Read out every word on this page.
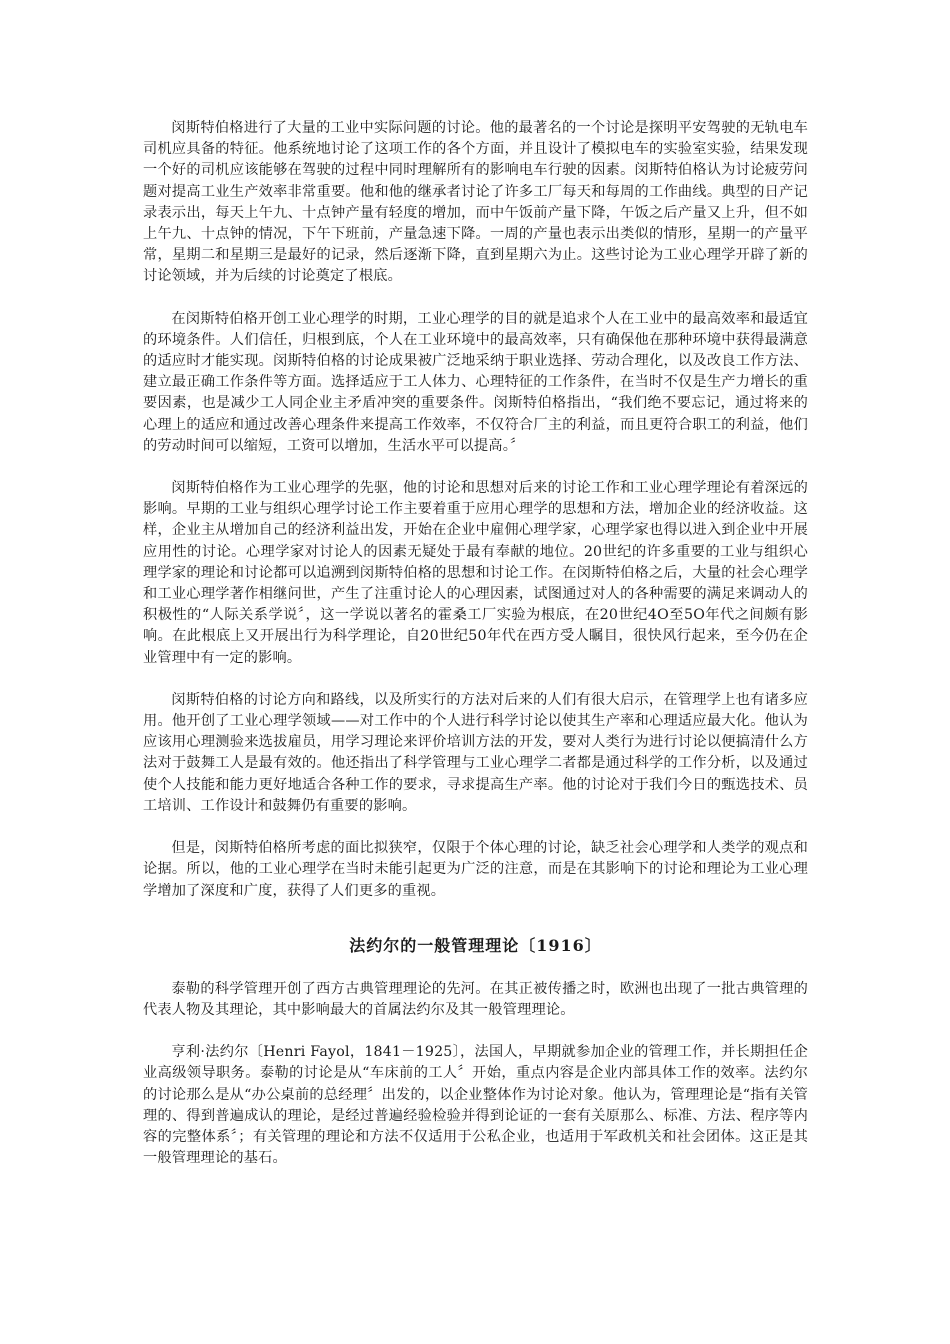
闵斯特伯格进行了大量的工业中实际问题的讨论。他的最著名的一个讨论是探明平安驾驶的无轨电车司机应具备的特征。他系统地讨论了这项工作的各个方面，并且设计了模拟电车的实验室实验，结果发现一个好的司机应该能够在驾驶的过程中同时理解所有的影响电车行驶的因素。闵斯特伯格认为讨论疲劳问题对提高工业生产效率非常重要。他和他的继承者讨论了许多工厂每天和每周的工作曲线。典型的日产记录表示出，每天上午九、十点钟产量有轻度的增加，而中午饭前产量下降，午饭之后产量又上升，但不如上午九、十点钟的情况，下午下班前，产量急速下降。一周的产量也表示出类似的情形，星期一的产量平常，星期二和星期三是最好的记录，然后逐渐下降，直到星期六为止。这些讨论为工业心理学开辟了新的讨论领域，并为后续的讨论奠定了根底。

在闵斯特伯格开创工业心理学的时期，工业心理学的目的就是追求个人在工业中的最高效率和最适宜的环境条件。人们信任，归根到底，个人在工业环境中的最高效率，只有确保他在那种环境中获得最满意的适应时才能实现。闵斯特伯格的讨论成果被广泛地采纳于职业选择、劳动合理化，以及改良工作方法、建立最正确工作条件等方面。选择适应于工人体力、心理特征的工作条件，在当时不仅是生产力增长的重要因素，也是减少工人同企业主矛盾冲突的重要条件。闵斯特伯格指出，“我们绝不要忘记，通过将来的心理上的适应和通过改善心理条件来提高工作效率，不仅符合厂主的利益，而且更符合职工的利益，他们的劳动时间可以缩短，工资可以增加，生活水平可以提高。〞

闵斯特伯格作为工业心理学的先驱，他的讨论和思想对后来的讨论工作和工业心理学理论有着深远的影响。早期的工业与组织心理学讨论工作主要着重于应用心理学的思想和方法，增加企业的经济收益。这样，企业主从增加自己的经济利益出发，开始在企业中雇佣心理学家，心理学家也得以进入到企业中开展应用性的讨论。心理学家对讨论人的因素无疑处于最有奉献的地位。20世纪的许多重要的工业与组织心理学家的理论和讨论都可以追溯到闵斯特伯格的思想和讨论工作。在闵斯特伯格之后，大量的社会心理学和工业心理学著作相继问世，产生了注重讨论人的心理因素，试图通过对人的各种需要的满足来调动人的积极性的“人际关系学说〞，这一学说以著名的霍桑工厂实验为根底，在20世纪4O至5O年代之间颇有影响。在此根底上又开展出行为科学理论，自20世纪50年代在西方受人瞩目，很快风行起来，至今仍在企业管理中有一定的影响。

闵斯特伯格的讨论方向和路线，以及所实行的方法对后来的人们有很大启示，在管理学上也有诸多应用。他开创了工业心理学领域——对工作中的个人进行科学讨论以使其生产率和心理适应最大化。他认为应该用心理测验来选拔雇员，用学习理论来评价培训方法的开发，要对人类行为进行讨论以便搞清什么方法对于鼓舞工人是最有效的。他还指出了科学管理与工业心理学二者都是通过科学的工作分析，以及通过使个人技能和能力更好地适合各种工作的要求，寻求提高生产率。他的讨论对于我们今日的甄选技术、员工培训、工作设计和鼓舞仍有重要的影响。

但是，闵斯特伯格所考虑的面比拟狭窄，仅限于个体心理的讨论，缺乏社会心理学和人类学的观点和论据。所以，他的工业心理学在当时未能引起更为广泛的注意，而是在其影响下的讨论和理论为工业心理学增加了深度和广度，获得了人们更多的重视。

法约尔的一般管理理论〔1916〕

泰勒的科学管理开创了西方古典管理理论的先河。在其正被传播之时，欧洲也出现了一批古典管理的代表人物及其理论，其中影响最大的首属法约尔及其一般管理理论。

亨利·法约尔〔Henri Fayol，1841－1925〕，法国人，早期就参加企业的管理工作，并长期担任企业高级领导职务。泰勒的讨论是从“车床前的工人〞开始，重点内容是企业内部具体工作的效率。法约尔的讨论那么是从“办公桌前的总经理〞出发的，以企业整体作为讨论对象。他认为，管理理论是“指有关管理的、得到普遍成认的理论，是经过普遍经验检验并得到论证的一套有关原那么、标准、方法、程序等内容的完整体系〞；有关管理的理论和方法不仅适用于公私企业，也适用于军政机关和社会团体。这正是其一般管理理论的基石。
